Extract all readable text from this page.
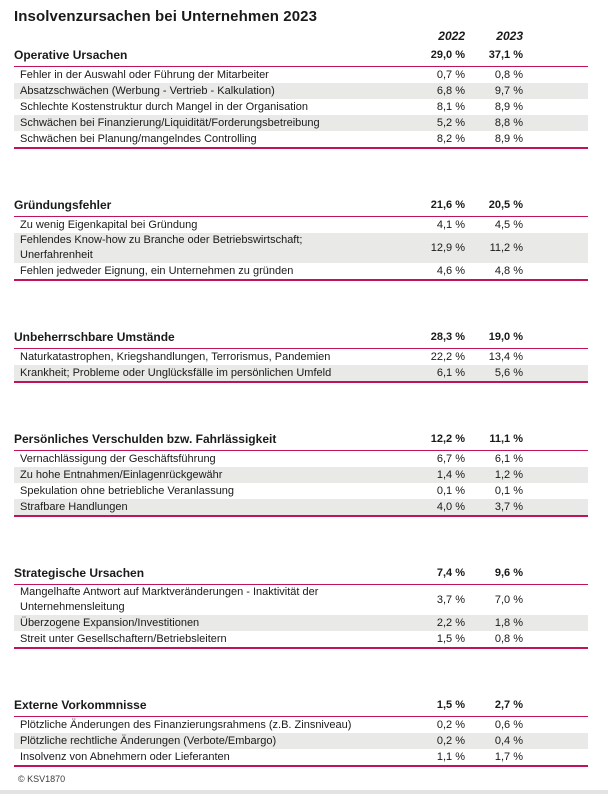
Insolvenzursachen bei Unternehmen 2023
2022	2023
Operative Ursachen	29,0 %	37,1 %
Fehler in der Auswahl oder Führung der Mitarbeiter	0,7 %	0,8 %
Absatzschwächen (Werbung - Vertrieb - Kalkulation)	6,8 %	9,7 %
Schlechte Kostenstruktur durch Mangel in der Organisation	8,1 %	8,9 %
Schwächen bei Finanzierung/Liquidität/Forderungsbetreibung	5,2 %	8,8 %
Schwächen bei Planung/mangelndes Controlling	8,2 %	8,9 %
Gründungsfehler	21,6 %	20,5 %
Zu wenig Eigenkapital bei Gründung	4,1 %	4,5 %
Fehlendes Know-how zu Branche oder Betriebswirtschaft;
Unerfahrenheit
12,9 %	11,2 %
Fehlen jedweder Eignung, ein Unternehmen zu gründen	4,6 %	4,8 %
Unbeherrschbare Umstände	28,3 %	19,0 %
Naturkatastrophen, Kriegshandlungen, Terrorismus, Pandemien	22,2 %	13,4 %
Krankheit; Probleme oder Unglücksfälle im persönlichen Umfeld	6,1 %	5,6 %
Persönliches Verschulden bzw. Fahrlässigkeit	12,2 %	11,1 %
Vernachlässigung der Geschäftsführung	6,7 %	6,1 %
Zu hohe Entnahmen/Einlagenrückgewähr	1,4 %	1,2 %
Spekulation ohne betriebliche Veranlassung	0,1 %	0,1 %
Strafbare Handlungen	4,0 %	3,7 %
Strategische Ursachen	7,4 %	9,6 %
Mangelhafte Antwort auf Marktveränderungen - Inaktivität der
Unternehmensleitung
3,7 %	7,0 %
Überzogene Expansion/Investitionen	2,2 %	1,8 %
Streit unter Gesellschaftern/Betriebsleitern	1,5 %	0,8 %
Externe Vorkommnisse	1,5 %	2,7 %
Plötzliche Änderungen des Finanzierungsrahmens (z.B. Zinsniveau)	0,2 %	0,6 %
Plötzliche rechtliche Änderungen (Verbote/Embargo)	0,2 %	0,4 %
Insolvenz von Abnehmern oder Lieferanten	1,1 %	1,7 %
© KSV1870
